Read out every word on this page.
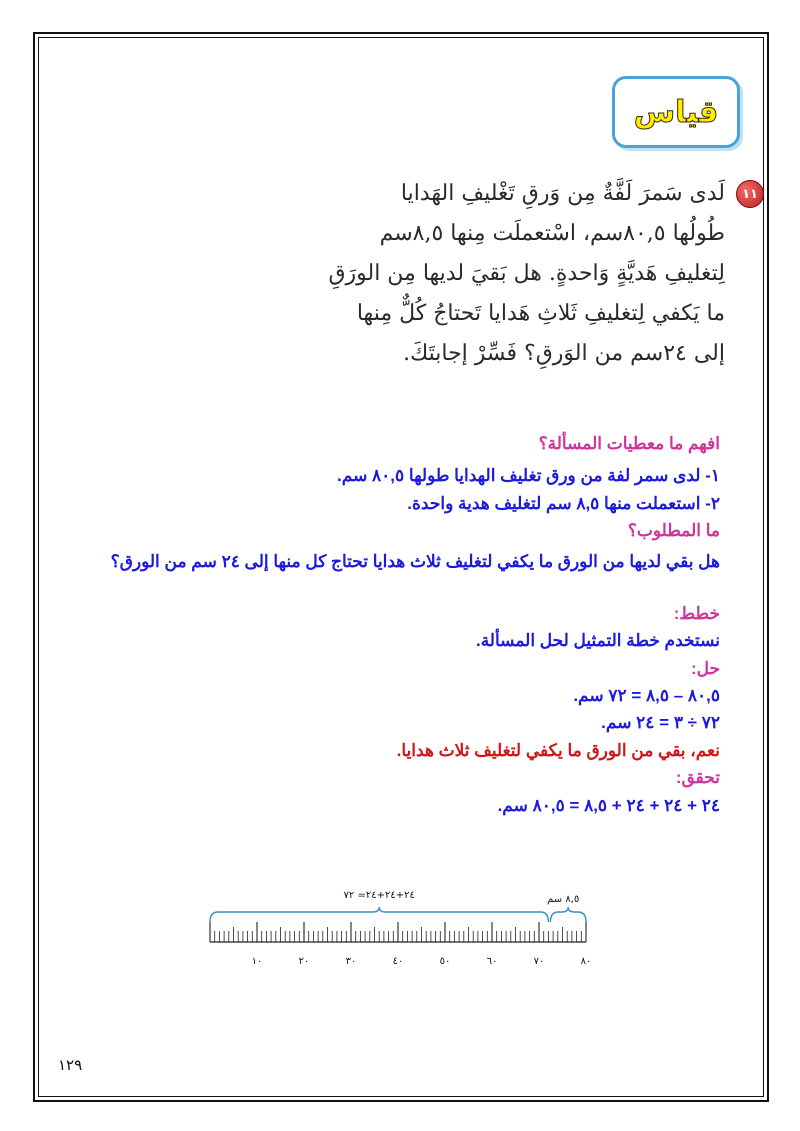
قياس
١١
لَدى سَمرَ لَفَّةٌ مِن وَرقِ تَغْليفِ الهَدايا
طُولُها ٨٠,٥سم، اسْتعملَت مِنها ٨,٥سم
لِتغليفِ هَديَّةٍ وَاحدةٍ. هل بَقيَ لديها مِن الورَقِ
ما يَكفي لِتغليفِ ثَلاثِ هَدايا تَحتاجُ كُلٌّ مِنها
إلى ٢٤سم من الوَرقِ؟ فَسِّرْ إجابتَكَ.
افهم ما معطيات المسألة؟
١- لدى سمر لفة من ورق تغليف الهدايا طولها ٨٠,٥ سم.
٢- استعملت منها ٨,٥ سم لتغليف هدية واحدة.
ما المطلوب؟
هل بقي لديها من الورق ما يكفي لتغليف ثلاث هدايا تحتاج كل منها إلى ٢٤ سم من الورق؟
خطط:
نستخدم خطة التمثيل لحل المسألة.
حل:
٨٠,٥ – ٨,٥ = ٧٢ سم.
٧٢ ÷ ٣ = ٢٤ سم.
نعم، بقي من الورق ما يكفي لتغليف ثلاث هدايا.
تحقق:
٢٤ + ٢٤ + ٢٤ + ٨,٥ = ٨٠,٥ سم.
٢٤+٢٤+٢٤= ٧٢	٨,٥ سم
١٠	٢٠	٣٠	٤٠	٥٠	٦٠	٧٠	٨٠
١٢٩
